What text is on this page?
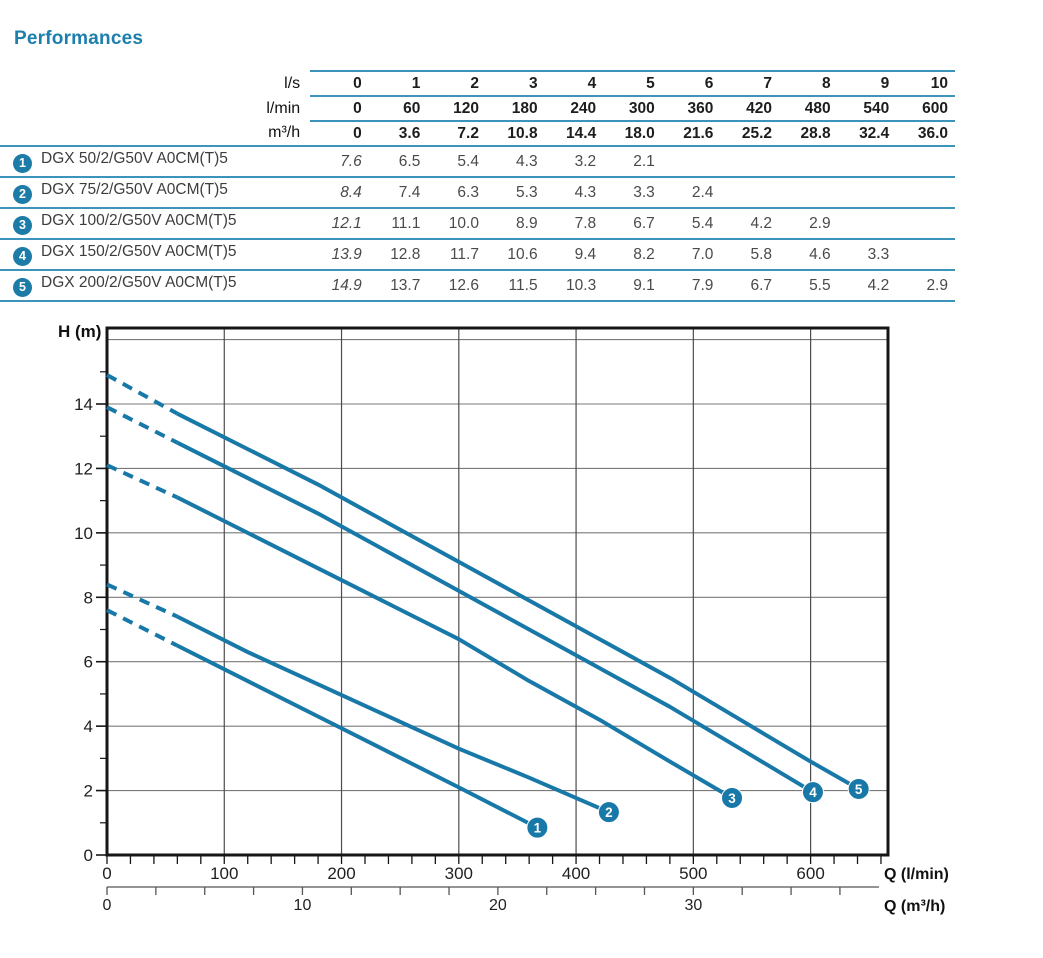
Performances
l/s	0	1	2	3	4	5	6	7	8	9	10
l/min	0	60	120	180	240	300	360	420	480	540	600
m³/h	0	3.6	7.2	10.8	14.4	18.0	21.6	25.2	28.8	32.4	36.0
1 DGX 50/2/G50V A0CM(T)5	7.6	6.5	5.4	4.3	3.2	2.1					
2 DGX 75/2/G50V A0CM(T)5	8.4	7.4	6.3	5.3	4.3	3.3	2.4				
3 DGX 100/2/G50V A0CM(T)5	12.1	11.1	10.0	8.9	7.8	6.7	5.4	4.2	2.9		
4 DGX 150/2/G50V A0CM(T)5	13.9	12.8	11.7	10.6	9.4	8.2	7.0	5.8	4.6	3.3	
5 DGX 200/2/G50V A0CM(T)5	14.9	13.7	12.6	11.5	10.3	9.1	7.9	6.7	5.5	4.2	2.9
0
2
4
6
8
10
12
14
0	100	200	300	400	500	600
0	10	20	30
H (m)
Q (l/min)
Q (m³/h)
1
2
3	4	5
